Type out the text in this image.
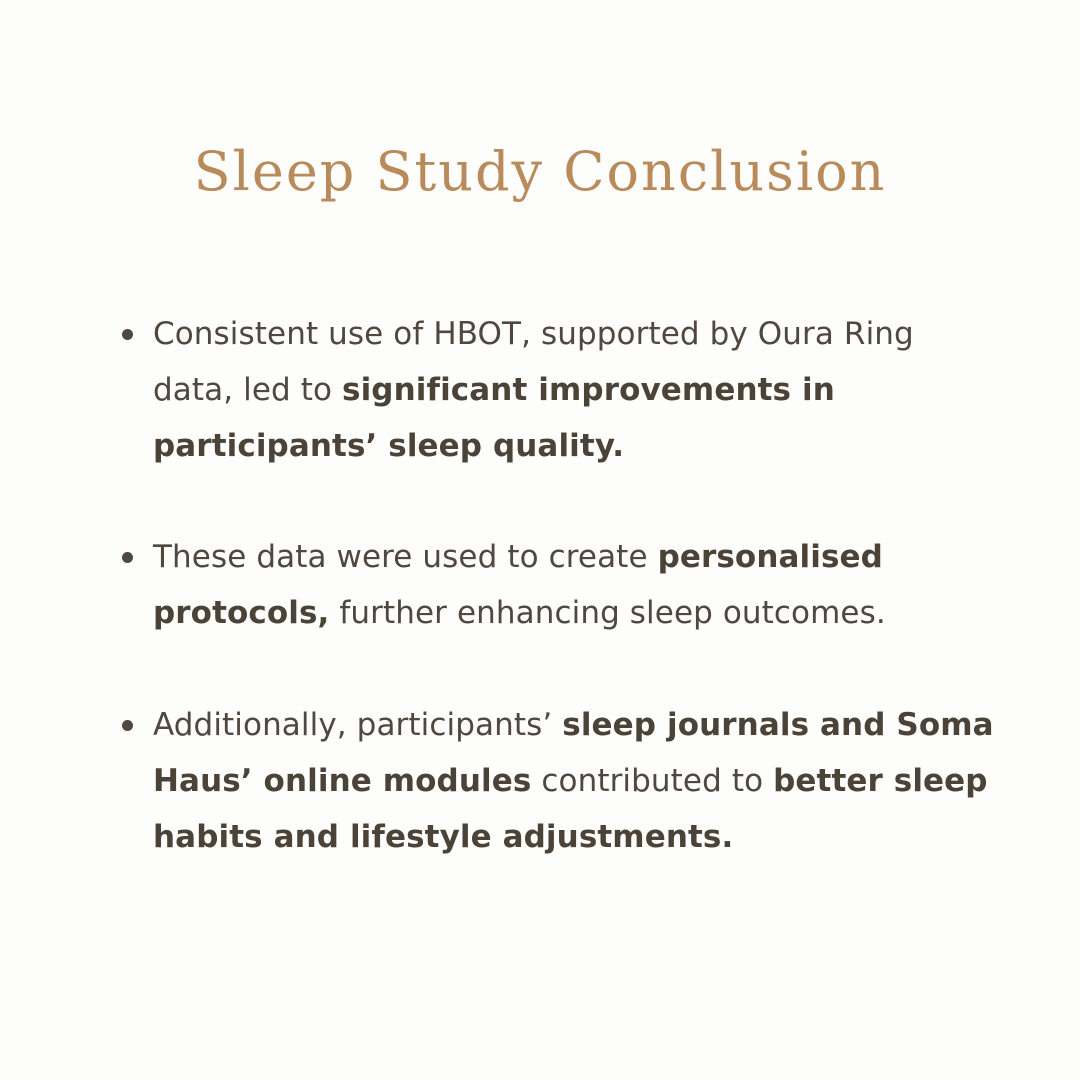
Sleep Study Conclusion
Consistent use of HBOT, supported by Oura Ring
data, led to significant improvements in
participants’ sleep quality.
These data were used to create personalised
protocols, further enhancing sleep outcomes.
Additionally, participants’ sleep journals and Soma
Haus’ online modules contributed to better sleep
habits and lifestyle adjustments.
